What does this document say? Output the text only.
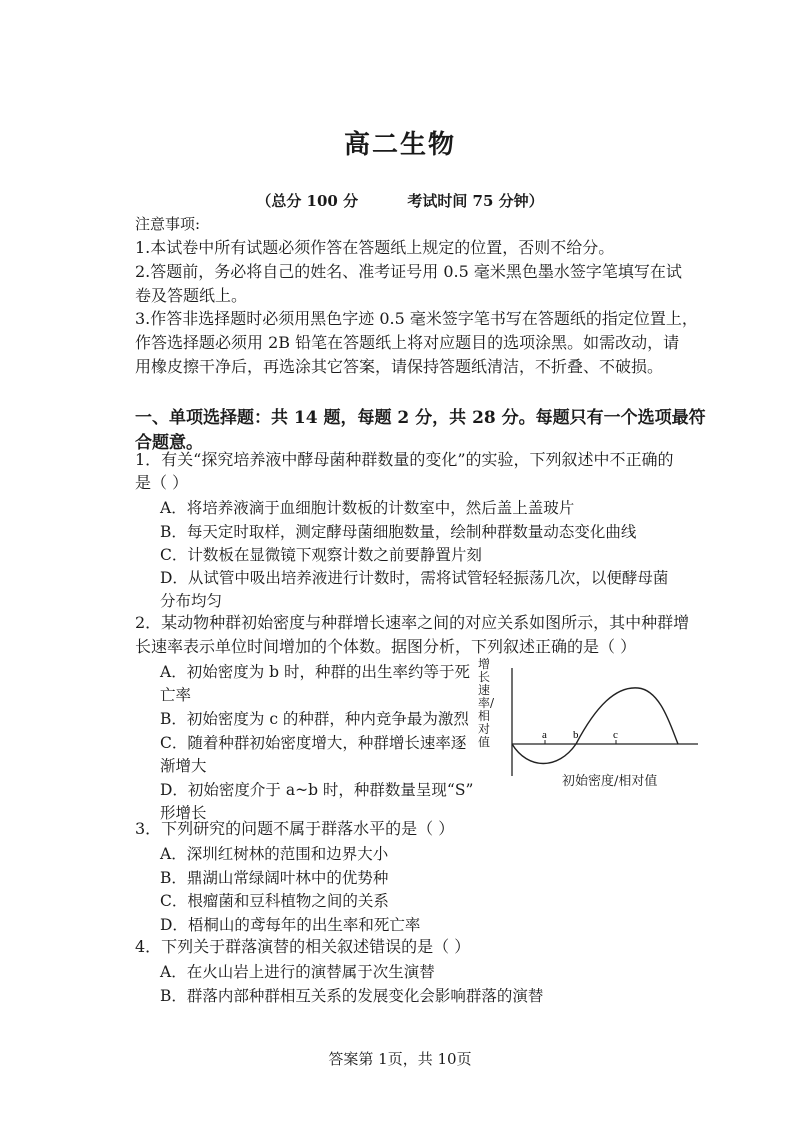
高二生物
（总分 100 分	考试时间 75 分钟）
注意事项:
1.本试卷中所有试题必须作答在答题纸上规定的位置，否则不给分。
2.答题前，务必将自己的姓名、准考证号用 0.5 毫米黑色墨水签字笔填写在试
卷及答题纸上。
3.作答非选择题时必须用黑色字迹 0.5 毫米签字笔书写在答题纸的指定位置上，
作答选择题必须用 2B 铅笔在答题纸上将对应题目的选项涂黑。如需改动，请
用橡皮擦干净后，再选涂其它答案，请保持答题纸清洁，不折叠、不破损。
一、单项选择题：共 14 题，每题 2 分，共 28 分。每题只有一个选项最符
合题意。
1．有关“探究培养液中酵母菌种群数量的变化”的实验，下列叙述中不正确的
是（ ）
A．将培养液滴于血细胞计数板的计数室中，然后盖上盖玻片
B．每天定时取样，测定酵母菌细胞数量，绘制种群数量动态变化曲线
C．计数板在显微镜下观察计数之前要静置片刻
D．从试管中吸出培养液进行计数时，需将试管轻轻振荡几次，以便酵母菌
分布均匀
2．某动物种群初始密度与种群增长速率之间的对应关系如图所示，其中种群增
长速率表示单位时间增加的个体数。据图分析，下列叙述正确的是（ ）
A．初始密度为 b 时，种群的出生率约等于死
亡率
B．初始密度为 c 的种群，种内竞争最为激烈
C．随着种群初始密度增大，种群增长速率逐
渐增大
D．初始密度介于 a~b 时，种群数量呈现“S”
形增长
增长速率/相对值	a b	c
初始密度/相对值
3．下列研究的问题不属于群落水平的是（ ）
A．深圳红树林的范围和边界大小
B．鼎湖山常绿阔叶林中的优势种
C．根瘤菌和豆科植物之间的关系
D．梧桐山的鸢每年的出生率和死亡率
4．下列关于群落演替的相关叙述错误的是（ ）
A．在火山岩上进行的演替属于次生演替
B．群落内部种群相互关系的发展变化会影响群落的演替
答案第 1页，共 10页
